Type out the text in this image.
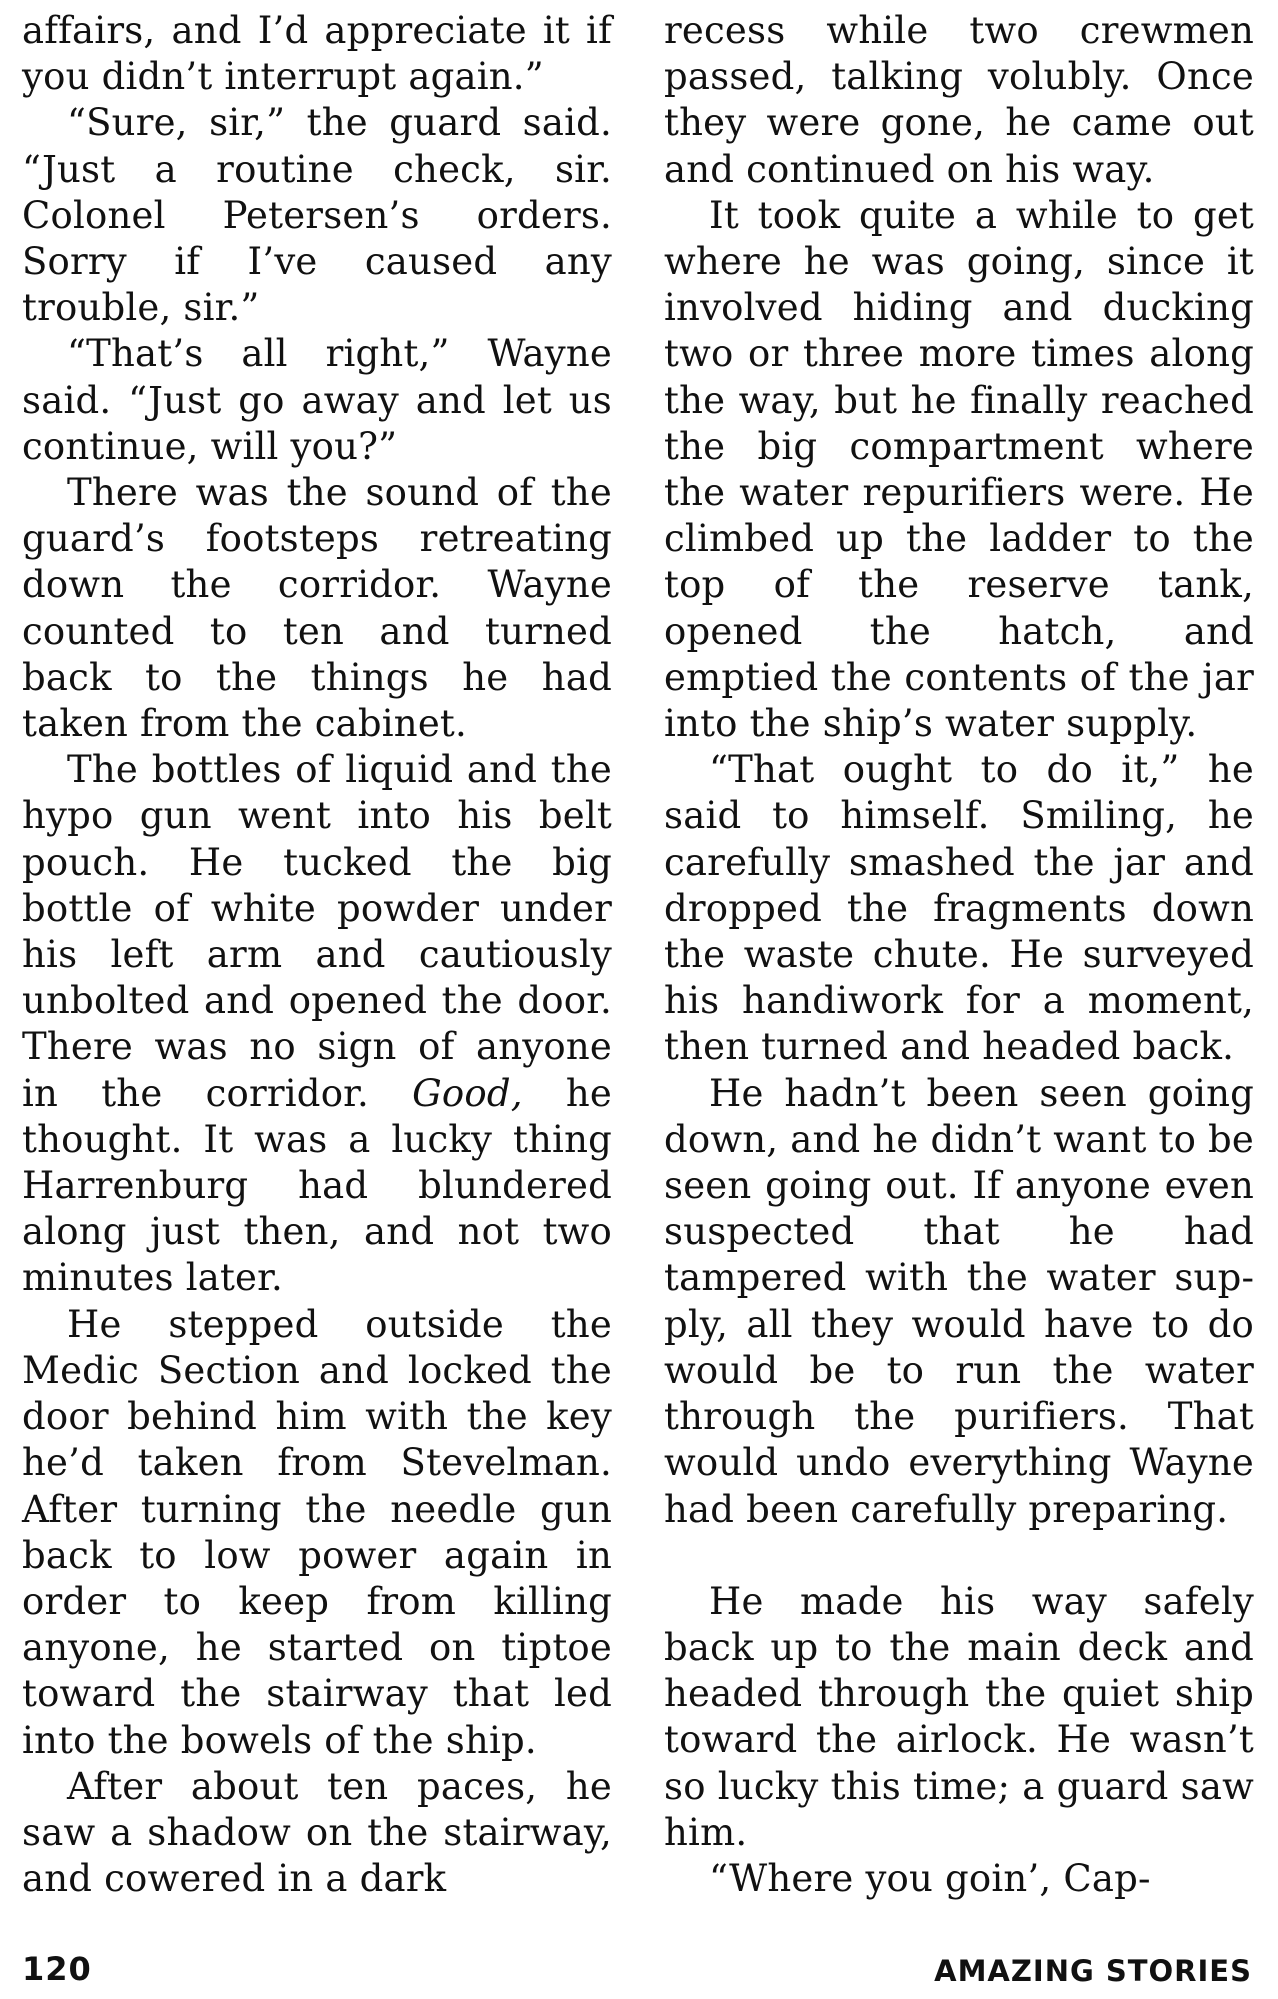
affairs, and I’d appreciate it if you didn’t interrupt again.”

“Sure, sir,” the guard said. “Just a routine check, sir. Colonel Petersen’s orders. Sorry if I’ve caused any trouble, sir.”

“That’s all right,” Wayne said. “Just go away and let us continue, will you?”

There was the sound of the guard’s footsteps retreating down the corridor. Wayne counted to ten and turned back to the things he had taken from the cabinet.

The bottles of liquid and the hypo gun went into his belt pouch. He tucked the big bottle of white powder under his left arm and cautiously unbolted and opened the door. There was no sign of anyone in the corridor. Good, he thought. It was a lucky thing Harrenburg had blundered along just then, and not two minutes later.

He stepped outside the Medic Section and locked the door behind him with the key he’d taken from Stevelman. After turning the needle gun back to low power again in order to keep from killing anyone, he started on tiptoe toward the stairway that led into the bowels of the ship.

After about ten paces, he saw a shadow on the stairway, and cowered in a dark

recess while two crewmen passed, talking volubly. Once they were gone, he came out and continued on his way.

It took quite a while to get where he was going, since it involved hiding and ducking two or three more times along the way, but he finally reached the big compartment where the water repurifiers were. He climbed up the ladder to the top of the reserve tank, opened the hatch, and emptied the contents of the jar into the ship’s water supply.

“That ought to do it,” he said to himself. Smiling, he carefully smashed the jar and dropped the fragments down the waste chute. He surveyed his handiwork for a moment, then turned and headed back.

He hadn’t been seen going down, and he didn’t want to be seen going out. If anyone even suspected that he had tampered with the water supply, all they would have to do would be to run the water through the purifiers. That would undo everything Wayne had been carefully preparing.

He made his way safely back up to the main deck and headed through the quiet ship toward the airlock. He wasn’t so lucky this time; a guard saw him.

“Where you goin’, Cap-

120	AMAZING STORIES
